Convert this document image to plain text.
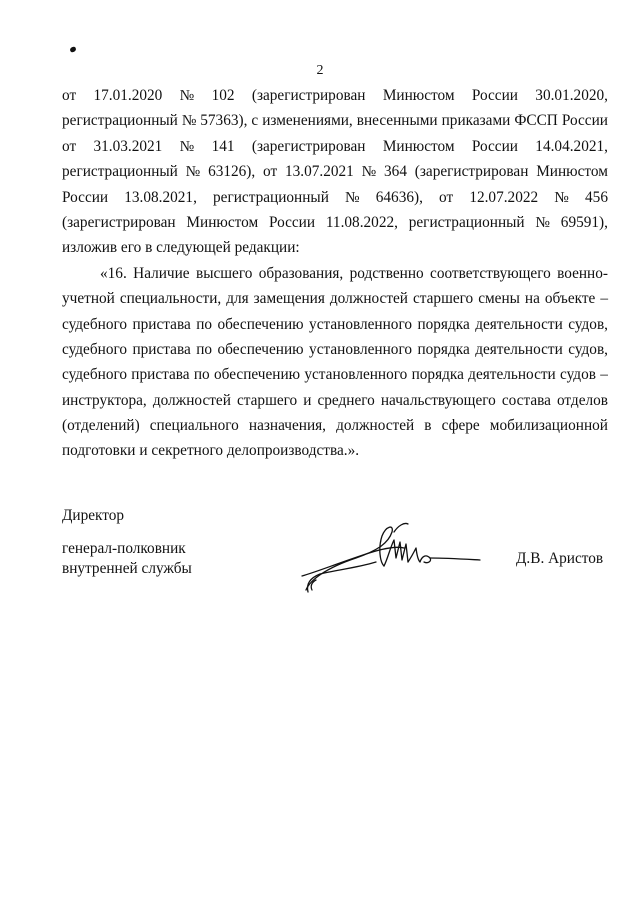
2
от 17.01.2020 № 102 (зарегистрирован Минюстом России 30.01.2020,
регистрационный № 57363), с изменениями, внесенными приказами ФССП России
от 31.03.2021 № 141 (зарегистрирован Минюстом России 14.04.2021,
регистрационный № 63126), от 13.07.2021 № 364 (зарегистрирован Минюстом
России 13.08.2021, регистрационный № 64636), от 12.07.2022 № 456
(зарегистрирован Минюстом России 11.08.2022, регистрационный № 69591),
изложив его в следующей редакции:
«16. Наличие высшего образования, родственно соответствующего военно-
учетной специальности, для замещения должностей старшего смены на объекте –
судебного пристава по обеспечению установленного порядка деятельности судов,
судебного пристава по обеспечению установленного порядка деятельности судов,
судебного пристава по обеспечению установленного порядка деятельности судов –
инструктора, должностей старшего и среднего начальствующего состава отделов
(отделений) специального назначения, должностей в сфере мобилизационной
подготовки и секретного делопроизводства.».
Директор
генерал-полковник
внутренней службы
Д.В. Аристов
